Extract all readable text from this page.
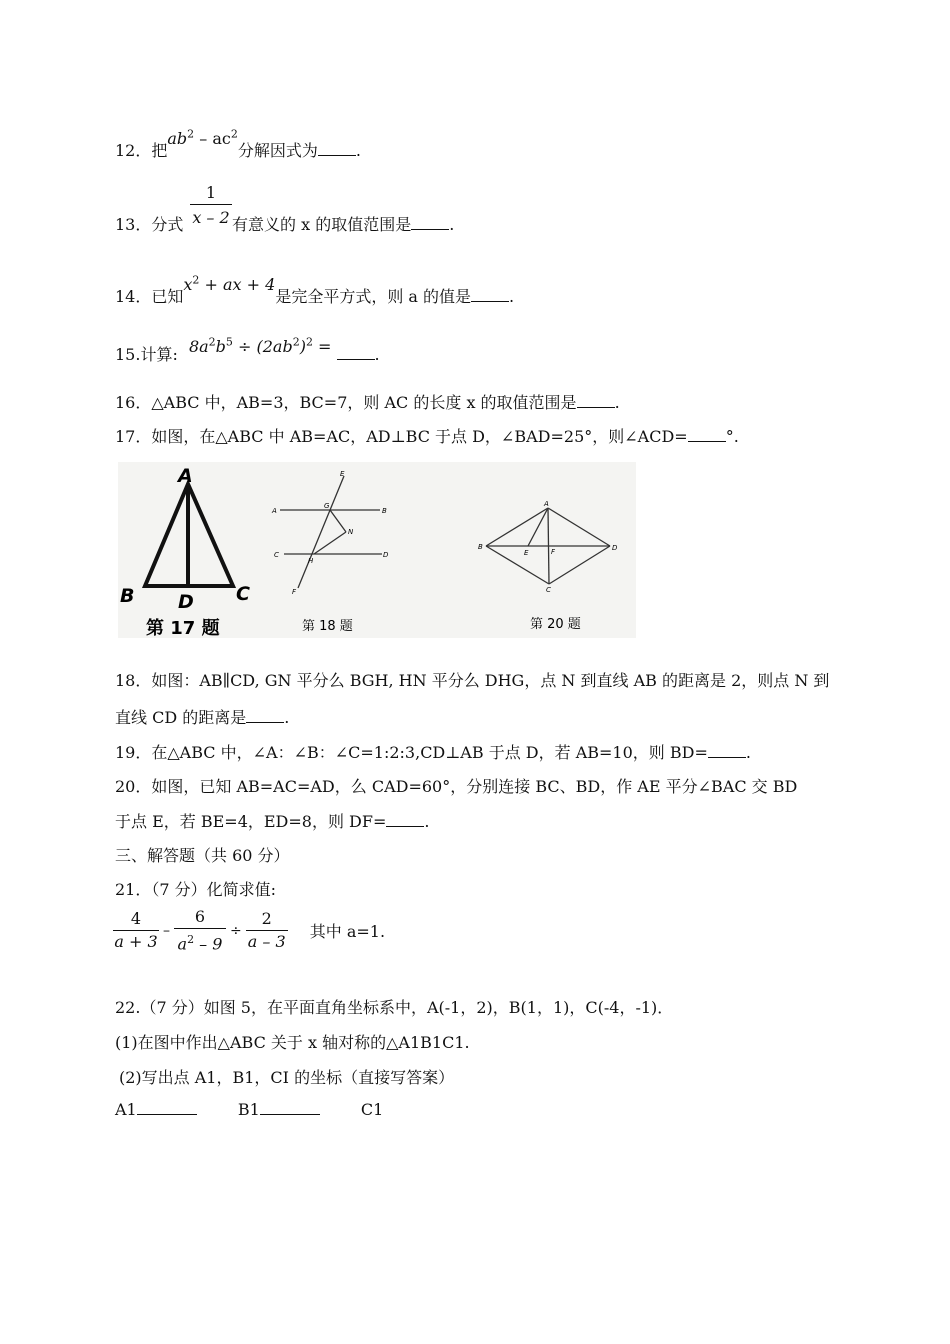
12．把$ab^2 - ac^2$分解因式为 .
13．分式
1
x – 2 有意义的 x 的取值范围是 .
14．已知$x^2$ + ax + 4是完全平方式，则 a 的值是 .
15.计算: $8a^2b^5 \div (2ab^2)^2$ = .
16．△ABC 中，AB=3，BC=7，则 AC 的长度 x 的取值范围是 .
17．如图，在△ABC 中 AB=AC，AD⊥BC 于点 D，∠BAD=25°，则∠ACD= °.
A
B D C
第 17 题
E
A	B
G
N
C	D
H
F
第 18 题
A
B	D
E	F
C
第 20 题
18．如图：AB∥CD, GN 平分么 BGH, HN 平分么 DHG，点 N 到直线 AB 的距离是 2，则点 N 到
直线 CD 的距离是 .
19．在△ABC 中，∠A：∠B：∠C=1:2:3,CD⊥AB 于点 D，若 AB=10，则 BD= .
20．如图，已知 AB=AC=AD，么 CAD=60°，分别连接 BC、BD，作 AE 平分∠BAC 交 BD
于点 E，若 BE=4，ED=8，则 DF= .
三、解答题（共 60 分）
21．（7 分）化简求值:
$\frac{4}{a + 3} - \frac{6}{a^2 - 9} \div \frac{2}{a - 3}$ 其中 a=1.
22.（7 分）如图 5，在平面直角坐标系中，A(-1，2)，B(1，1)，C(-4，-1)．
(1)在图中作出△ABC 关于 x 轴对称的△A1B1C1.
(2)写出点 A1，B1，CI 的坐标（直接写答案）
A1	B1	C1
